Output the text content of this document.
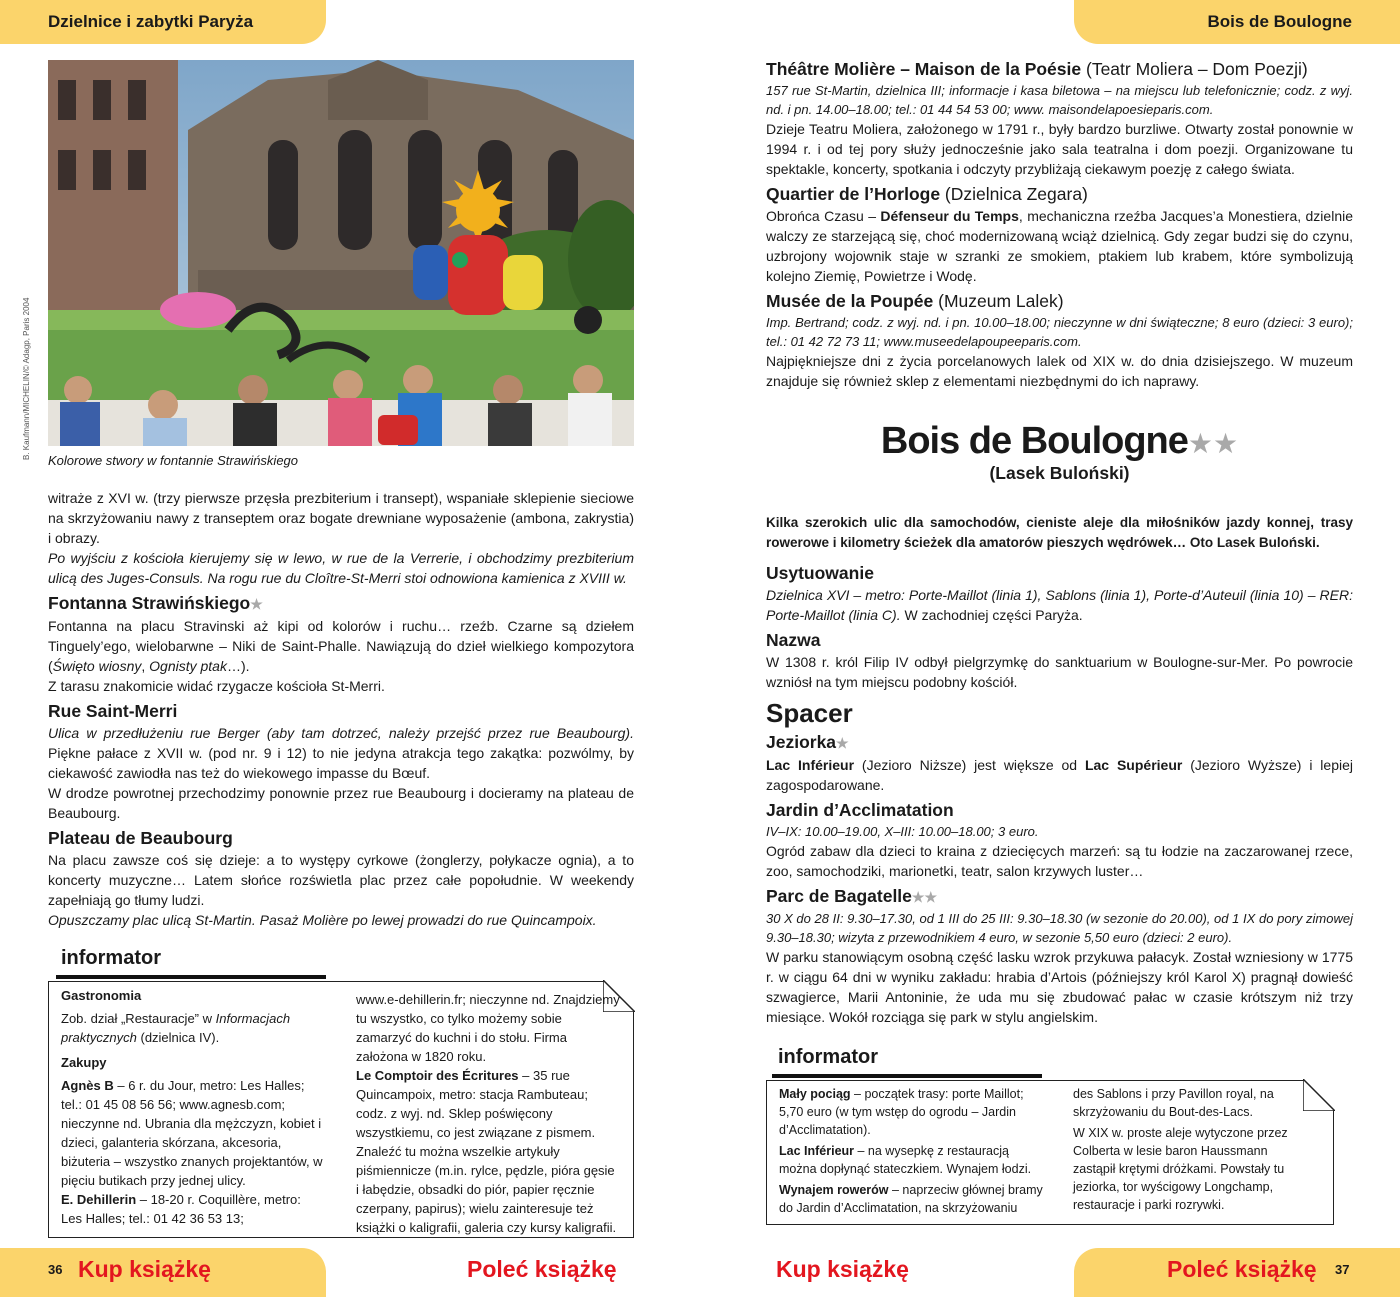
Dzielnice i zabytki Paryża	Bois de Boulogne
B. Kaufmann/MICHELIN/© Adagp, Paris 2004
Kolorowe stwory w fontannie Strawińskiego

witraże z XVI w. (trzy pierwsze przęsła prezbiterium i transept), wspaniałe sklepienie sieciowe na skrzyżowaniu nawy z transeptem oraz bogate drewniane wyposażenie (ambona, zakrystia) i obrazy.

Po wyjściu z kościoła kierujemy się w lewo, w rue de la Verrerie, i obchodzimy prezbiterium ulicą des Juges-Consuls. Na rogu rue du Cloître-St-Merri stoi odnowiona kamienica z XVIII w.

Fontanna Strawińskiego★

Fontanna na placu Stravinski aż kipi od kolorów i ruchu… rzeźb. Czarne są dziełem Tinguely’ego, wielobarwne – Niki de Saint-Phalle. Nawiązują do dzieł wielkiego kompozytora (Święto wiosny, Ognisty ptak…).

Z tarasu znakomicie widać rzygacze kościoła St-Merri.

Rue Saint-Merri

Ulica w przedłużeniu rue Berger (aby tam dotrzeć, należy przejść przez rue Beaubourg). Piękne pałace z XVII w. (pod nr. 9 i 12) to nie jedyna atrakcja tego zakątka: pozwólmy, by ciekawość zawiodła nas też do wiekowego impasse du Bœuf.

W drodze powrotnej przechodzimy ponownie przez rue Beaubourg i docieramy na plateau de Beaubourg.

Plateau de Beaubourg

Na placu zawsze coś się dzieje: a to występy cyrkowe (żonglerzy, połykacze ognia), a to koncerty muzyczne… Latem słońce rozświetla plac przez całe popołudnie. W weekendy zapełniają go tłumy ludzi.

Opuszczamy plac ulicą St-Martin. Pasaż Molière po lewej prowadzi do rue Quincampoix.

informator

Gastronomia

Zob. dział „Restauracje” w Informacjach praktycznych (dzielnica IV).

Zakupy

Agnès B – 6 r. du Jour, metro: Les Halles; tel.: 01 45 08 56 56; www.agnesb.com; nieczynne nd. Ubrania dla mężczyzn, kobiet i dzieci, galanteria skórzana, akcesoria, biżuteria – wszystko znanych projektantów, w pięciu butikach przy jednej ulicy.

E. Dehillerin – 18-20 r. Coquillère, metro: Les Halles; tel.: 01 42 36 53 13;

www.e-dehillerin.fr; nieczynne nd. Znajdziemy tu wszystko, co tylko możemy sobie zamarzyć do kuchni i do stołu. Firma założona w 1820 roku.

Le Comptoir des Écritures – 35 rue Quincampoix, metro: stacja Rambuteau; codz. z wyj. nd. Sklep poświęcony wszystkiemu, co jest związane z pismem. Znaleźć tu można wszelkie artykuły piśmiennicze (m.in. rylce, pędzle, pióra gęsie i łabędzie, obsadki do piór, papier ręcznie czerpany, papirus); wielu zainteresuje też książki o kaligrafii, galeria czy kursy kaligrafii.

Théâtre Molière – Maison de la Poésie (Teatr Moliera – Dom Poezji)

157 rue St-Martin, dzielnica III; informacje i kasa biletowa – na miejscu lub telefonicznie; codz. z wyj. nd. i pn. 14.00–18.00; tel.: 01 44 54 53 00; www. maisondelapoesieparis.com.

Dzieje Teatru Moliera, założonego w 1791 r., były bardzo burzliwe. Otwarty został ponownie w 1994 r. i od tej pory służy jednocześnie jako sala teatralna i dom poezji. Organizowane tu spektakle, koncerty, spotkania i odczyty przybliżają ciekawym poezję z całego świata.

Quartier de l’Horloge (Dzielnica Zegara)

Obrońca Czasu – Défenseur du Temps, mechaniczna rzeźba Jacques’a Monestiera, dzielnie walczy ze starzejącą się, choć modernizowaną wciąż dzielnicą. Gdy zegar budzi się do czynu, uzbrojony wojownik staje w szranki ze smokiem, ptakiem lub krabem, które symbolizują kolejno Ziemię, Powietrze i Wodę.

Musée de la Poupée (Muzeum Lalek)

Imp. Bertrand; codz. z wyj. nd. i pn. 10.00–18.00; nieczynne w dni świąteczne; 8 euro (dzieci: 3 euro); tel.: 01 42 72 73 11; www.museedelapoupeeparis.com.

Najpiękniejsze dni z życia porcelanowych lalek od XIX w. do dnia dzisiejszego. W muzeum znajduje się również sklep z elementami niezbędnymi do ich naprawy.

Bois de Boulogne★★
(Lasek Buloński)

Kilka szerokich ulic dla samochodów, cieniste aleje dla miłośników jazdy konnej, trasy rowerowe i kilometry ścieżek dla amatorów pieszych wędrówek… Oto Lasek Buloński.

Usytuowanie

Dzielnica XVI – metro: Porte-Maillot (linia 1), Sablons (linia 1), Porte-d’Auteuil (linia 10) – RER: Porte-Maillot (linia C). W zachodniej części Paryża.

Nazwa

W 1308 r. król Filip IV odbył pielgrzymkę do sanktuarium w Boulogne-sur-Mer. Po powrocie wzniósł na tym miejscu podobny kościół.

Spacer
Jeziorka★

Lac Inférieur (Jezioro Niższe) jest większe od Lac Supérieur (Jezioro Wyższe) i lepiej zagospodarowane.

Jardin d’Acclimatation

IV–IX: 10.00–19.00, X–III: 10.00–18.00; 3 euro.

Ogród zabaw dla dzieci to kraina z dziecięcych marzeń: są tu łodzie na zaczarowanej rzece, zoo, samochodziki, marionetki, teatr, salon krzywych luster…

Parc de Bagatelle★★

30 X do 28 II: 9.30–17.30, od 1 III do 25 III: 9.30–18.30 (w sezonie do 20.00), od 1 IX do pory zimowej 9.30–18.30; wizyta z przewodnikiem 4 euro, w sezonie 5,50 euro (dzieci: 2 euro).

W parku stanowiącym osobną część lasku wzrok przykuwa pałacyk. Został wzniesiony w 1775 r. w ciągu 64 dni w wyniku zakładu: hrabia d’Artois (późniejszy król Karol X) pragnął dowieść szwagierce, Marii Antoninie, że uda mu się zbudować pałac w czasie krótszym niż trzy miesiące. Wokół rozciąga się park w stylu angielskim.

informator

Mały pociąg – początek trasy: porte Maillot; 5,70 euro (w tym wstęp do ogrodu – Jardin d’Acclimatation).

Lac Inférieur – na wysepkę z restauracją można dopłynąć stateczkiem. Wynajem łodzi.

Wynajem rowerów – naprzeciw głównej bramy do Jardin d’Acclimatation, na skrzyżowaniu

des Sablons i przy Pavillon royal, na skrzyżowaniu du Bout-des-Lacs.

W XIX w. proste aleje wytyczone przez Colberta w lesie baron Haussmann zastąpił krętymi dróżkami. Powstały tu jeziorka, tor wyścigowy Longchamp, restauracje i parki rozrywki.

36	37
Kup książkę	Poleć książkę	Kup książkę	Poleć książkę
